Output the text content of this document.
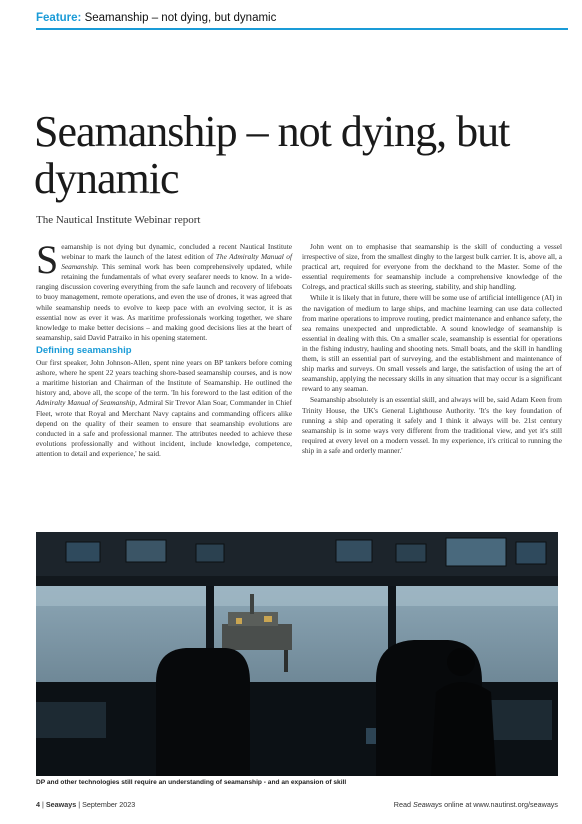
Feature: Seamanship – not dying, but dynamic
Seamanship – not dying, but dynamic
The Nautical Institute Webinar report

Seamanship is not dying but dynamic, concluded a recent Nautical Institute webinar to mark the launch of the latest edition of The Admiralty Manual of Seamanship. This seminal work has been comprehensively updated, while retaining the fundamentals of what every seafarer needs to know. In a wide-ranging discussion covering everything from the safe launch and recovery of lifeboats to buoy management, remote operations, and even the use of drones, it was agreed that while seamanship needs to evolve to keep pace with an evolving sector, it is as essential now as ever it was. As maritime professionals working together, we share knowledge to make better decisions – and making good decisions lies at the heart of seamanship, said David Patraiko in his opening statement.

Defining seamanship

Our first speaker, John Johnson-Allen, spent nine years on BP tankers before coming ashore, where he spent 22 years teaching shore-based seamanship courses, and is now a maritime historian and Chairman of the Institute of Seamanship. He outlined the history and, above all, the scope of the term. 'In his foreword to the last edition of the Admiralty Manual of Seamanship, Admiral Sir Trevor Alan Soar, Commander in Chief Fleet, wrote that Royal and Merchant Navy captains and commanding officers alike depend on the quality of their seamen to ensure that seamanship evolutions are conducted in a safe and professional manner. The attributes needed to achieve these evolutions professionally and without incident, include knowledge, competence, attention to detail and experience,' he said.

John went on to emphasise that seamanship is the skill of conducting a vessel irrespective of size, from the smallest dinghy to the largest bulk carrier. It is, above all, a practical art, required for everyone from the deckhand to the Master. Some of the essential requirements for seamanship include a comprehensive knowledge of the Colregs, and practical skills such as steering, stability, and ship handling.

While it is likely that in future, there will be some use of artificial intelligence (AI) in the navigation of medium to large ships, and machine learning can use data collected from marine operations to improve routing, predict maintenance and enhance safety, the sea remains unexpected and unpredictable. A sound knowledge of seamanship is essential in dealing with this. On a smaller scale, seamanship is essential for operations in the fishing industry, hauling and shooting nets. Small boats, and the skill in handling them, is still an essential part of surveying, and the establishment and maintenance of ship marks and surveys. On small vessels and large, the satisfaction of using the art of seamanship, applying the necessary skills in any situation that may occur is a significant reward to any seaman.

Seamanship absolutely is an essential skill, and always will be, said Adam Keen from Trinity House, the UK's General Lighthouse Authority. 'It's the key foundation of running a ship and operating it safely and I think it always will be. 21st century seamanship is in some ways very different from the traditional view, and yet it's still required at every level on a modern vessel. In my experience, it's critical to running the ship in a safe and orderly manner.'

DP and other technologies still require an understanding of seamanship - and an expansion of skill
4 | Seaways | September 2023	Read Seaways online at www.nautinst.org/seaways
